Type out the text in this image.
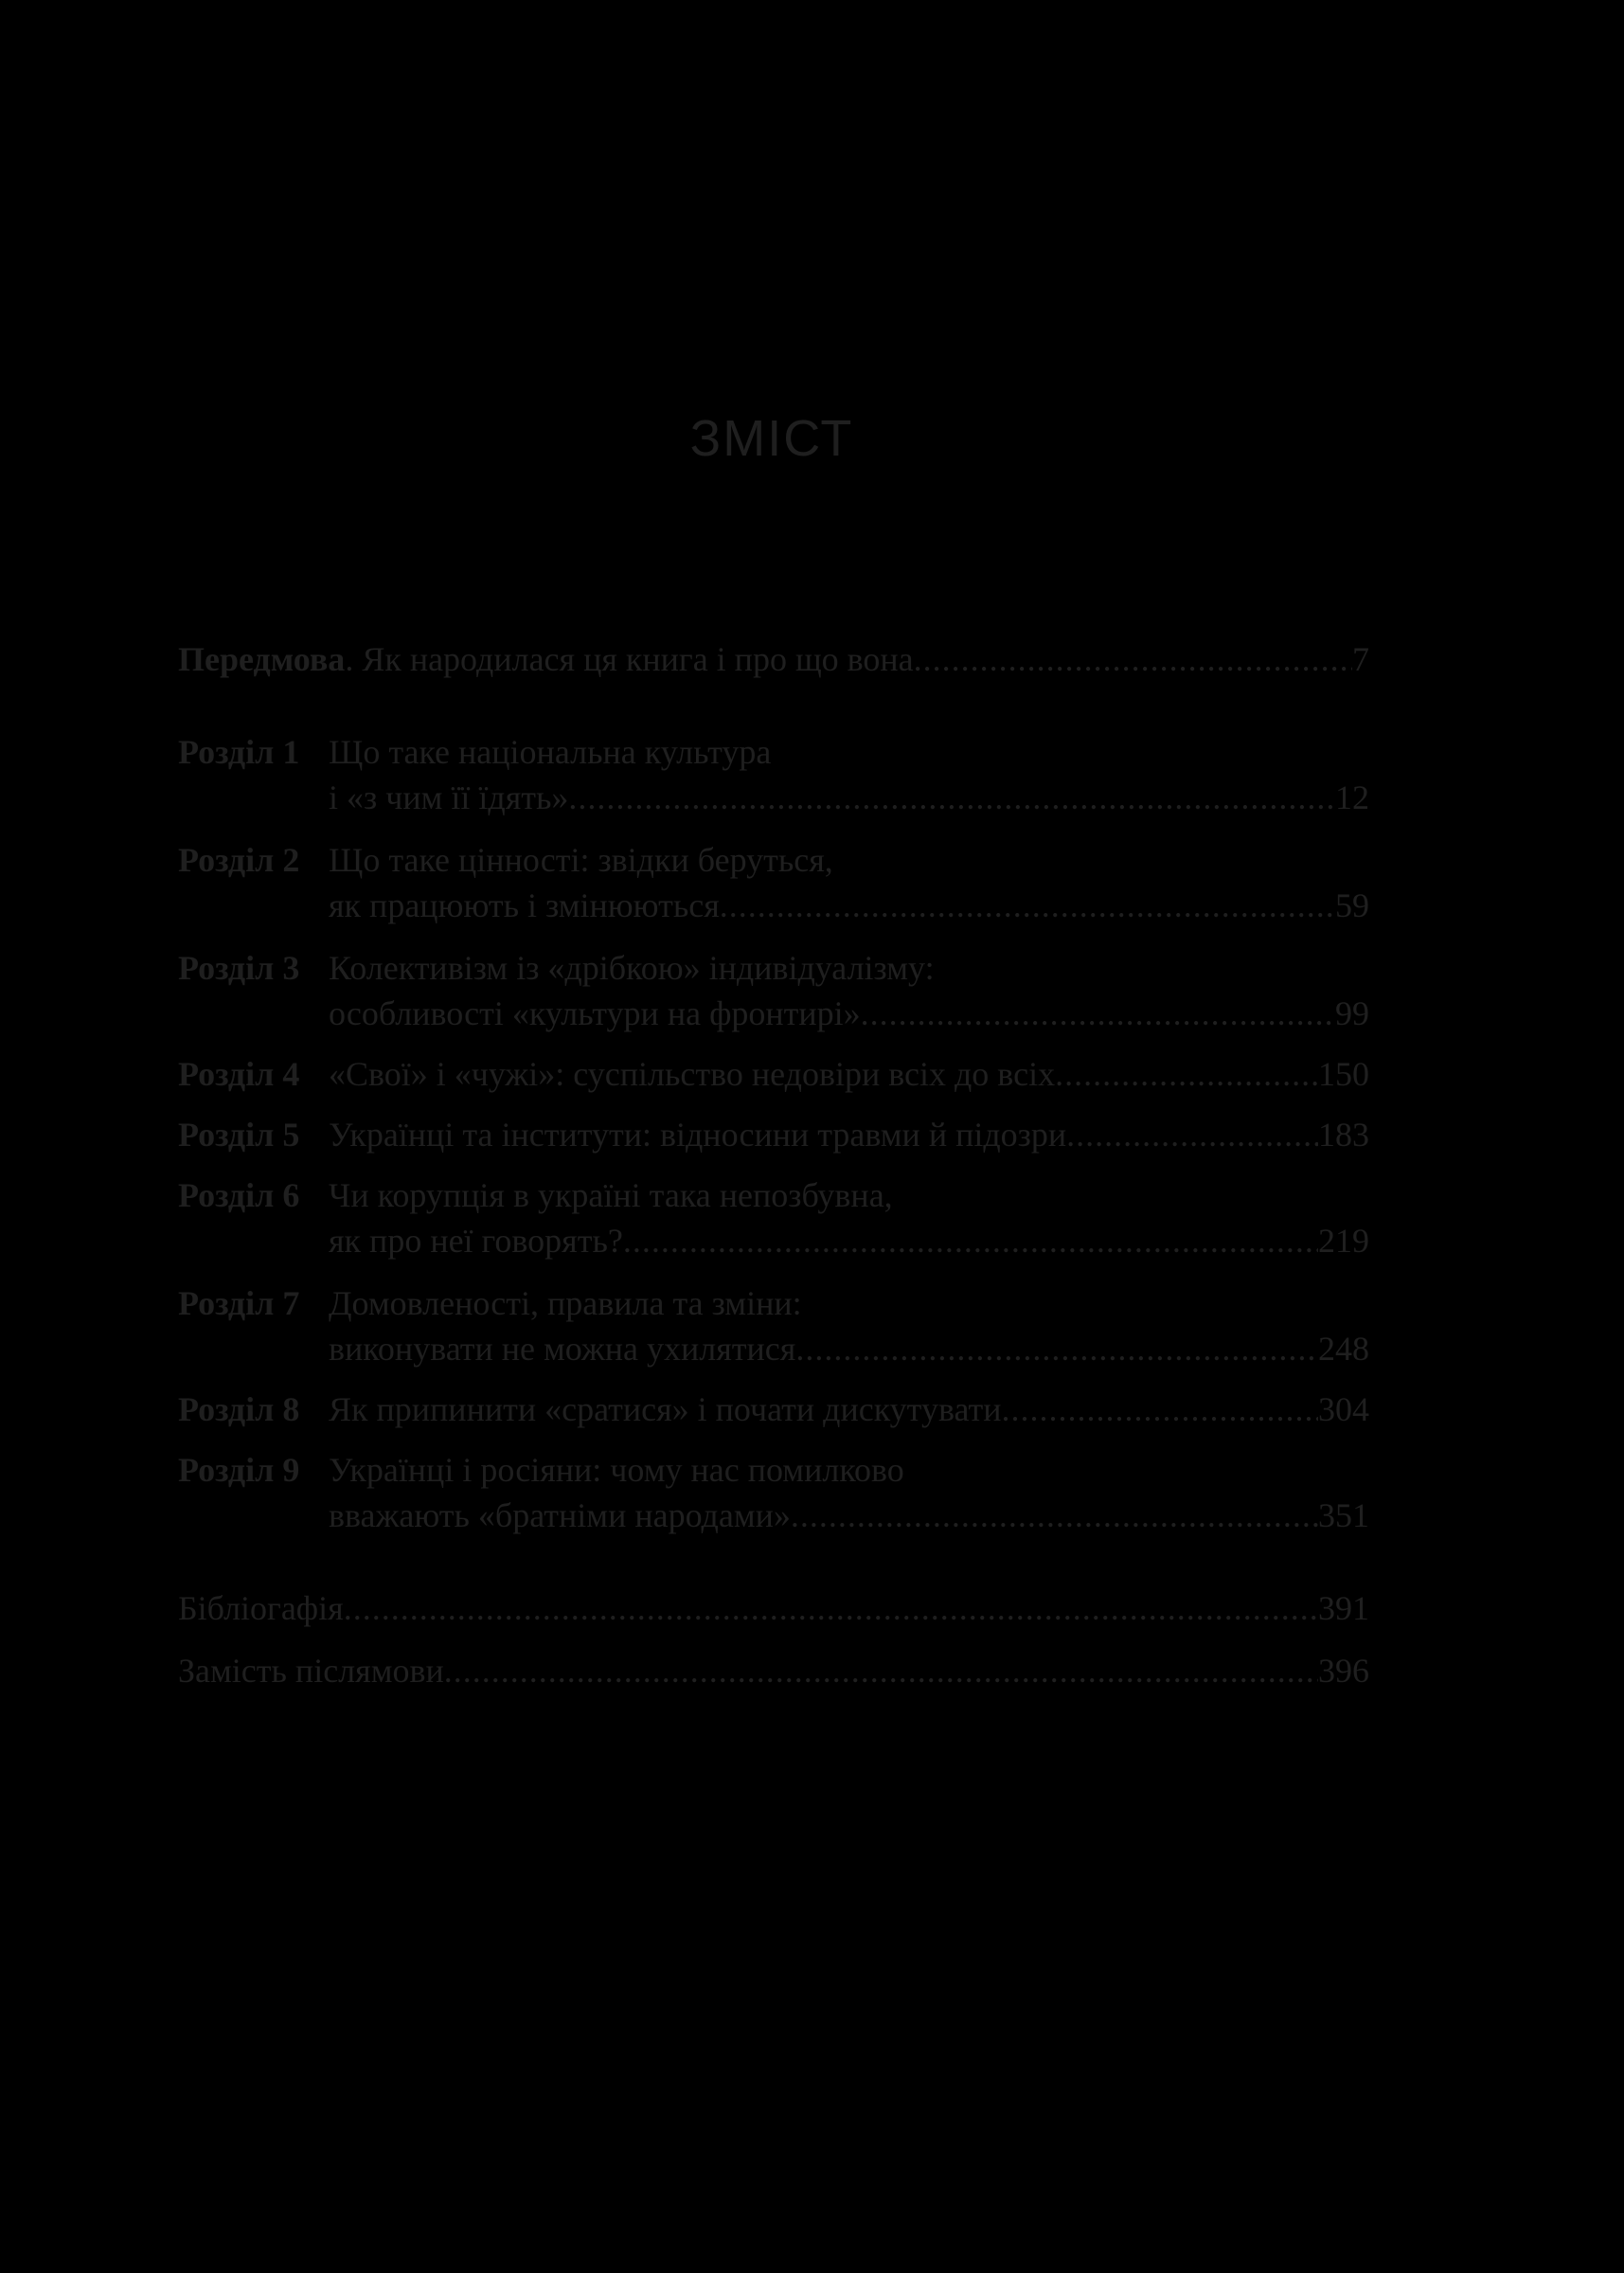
ЗМІСТ
Передмова. Як народилася ця книга і про що вона .....	7
Розділ 1 Що таке національна культура
і «з чим її їдять» .....	12
Розділ 2 Що таке цінності: звідки беруться,
як працюють і змінюються .....	59
Розділ 3 Колективізм із «дрібкою» індивідуалізму:
особливості «культури на фронтирі» .....	99
Розділ 4 «Свої» і «чужі»: суспільство недовіри всіх до всіх .....	150
Розділ 5 Українці та інститути: відносини травми й підозри .....	183
Розділ 6 Чи корупція в україні така непозбувна,
як про неї говорять? .....	219
Розділ 7 Домовленості, правила та зміни:
виконувати не можна ухилятися .....	248
Розділ 8 Як припинити «сратися» і почати дискутувати .....	304
Розділ 9 Українці і росіяни: чому нас помилково
вважають «братніми народами» .....	351
Бібліогафія .....	391
Замість післямови .....	396
